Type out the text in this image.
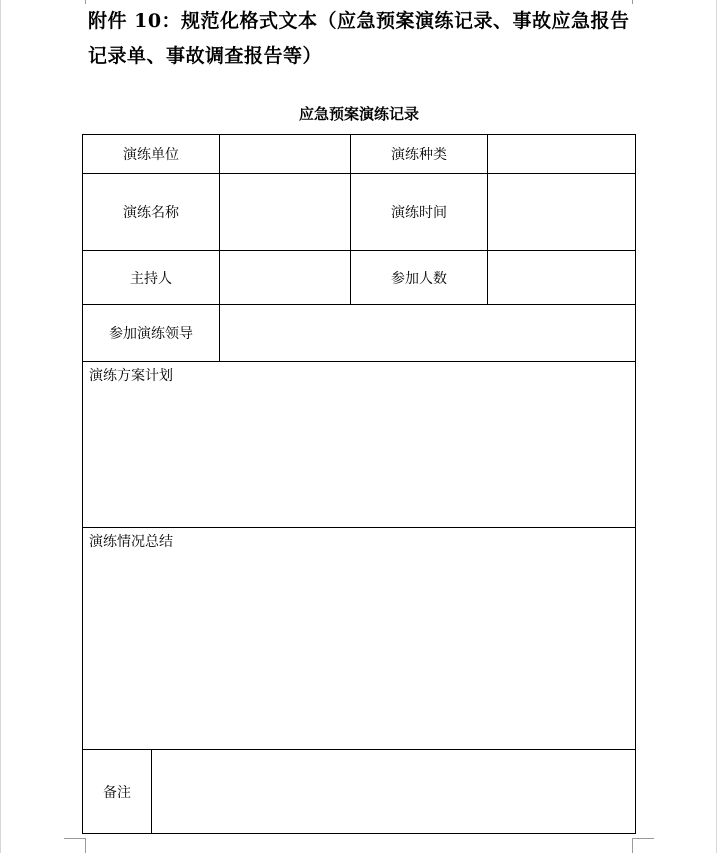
附件 10：规范化格式文本（应急预案演练记录、事故应急报告记录单、事故调查报告等）
应急预案演练记录
演练单位		演练种类	
演练名称		演练时间	
主持人		参加人数	
参加演练领导			
演练方案计划			
演练情况总结			

备注			
